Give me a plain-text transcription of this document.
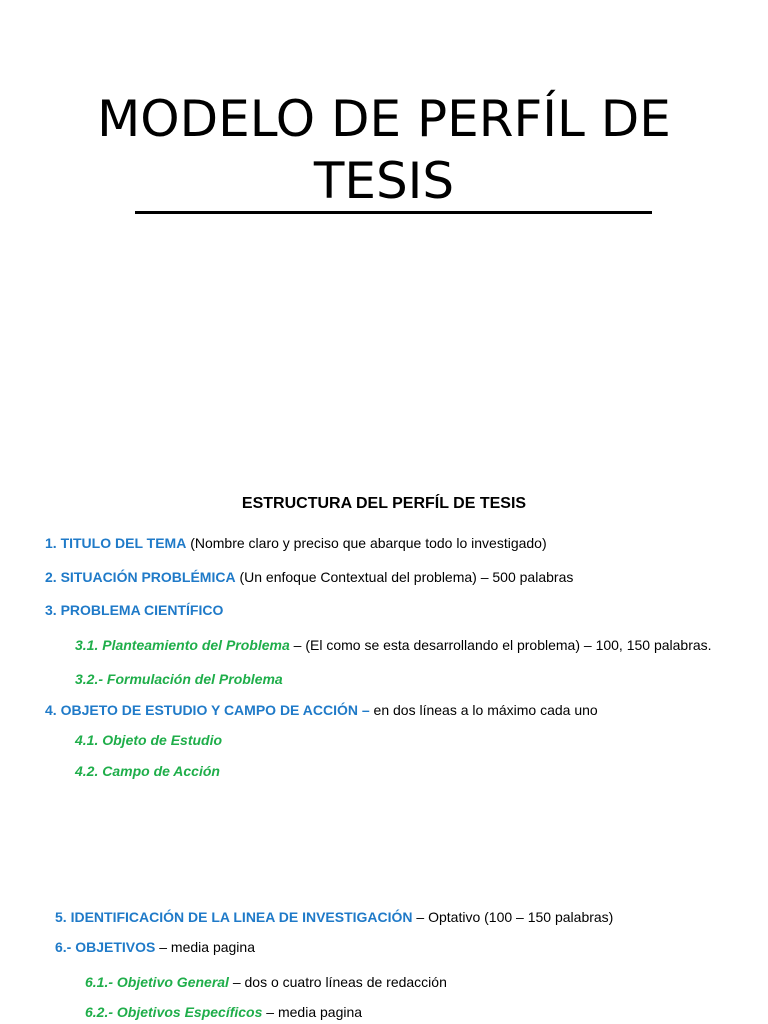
MODELO DE PERFÍL DE
TESIS
ESTRUCTURA DEL PERFÍL DE TESIS
1. TITULO DEL TEMA (Nombre claro y preciso que abarque todo lo investigado)
2. SITUACIÓN PROBLÉMICA (Un enfoque Contextual del problema) – 500 palabras
3. PROBLEMA CIENTÍFICO
3.1. Planteamiento del Problema – (El como se esta desarrollando el problema) – 100, 150 palabras.
3.2.- Formulación del Problema
4. OBJETO DE ESTUDIO Y CAMPO DE ACCIÓN – en dos líneas a lo máximo cada uno
4.1. Objeto de Estudio
4.2. Campo de Acción
5. IDENTIFICACIÓN DE LA LINEA DE INVESTIGACIÓN – Optativo (100 – 150 palabras)
6.- OBJETIVOS – media pagina
6.1.- Objetivo General – dos o cuatro líneas de redacción
6.2.- Objetivos Específicos – media pagina
